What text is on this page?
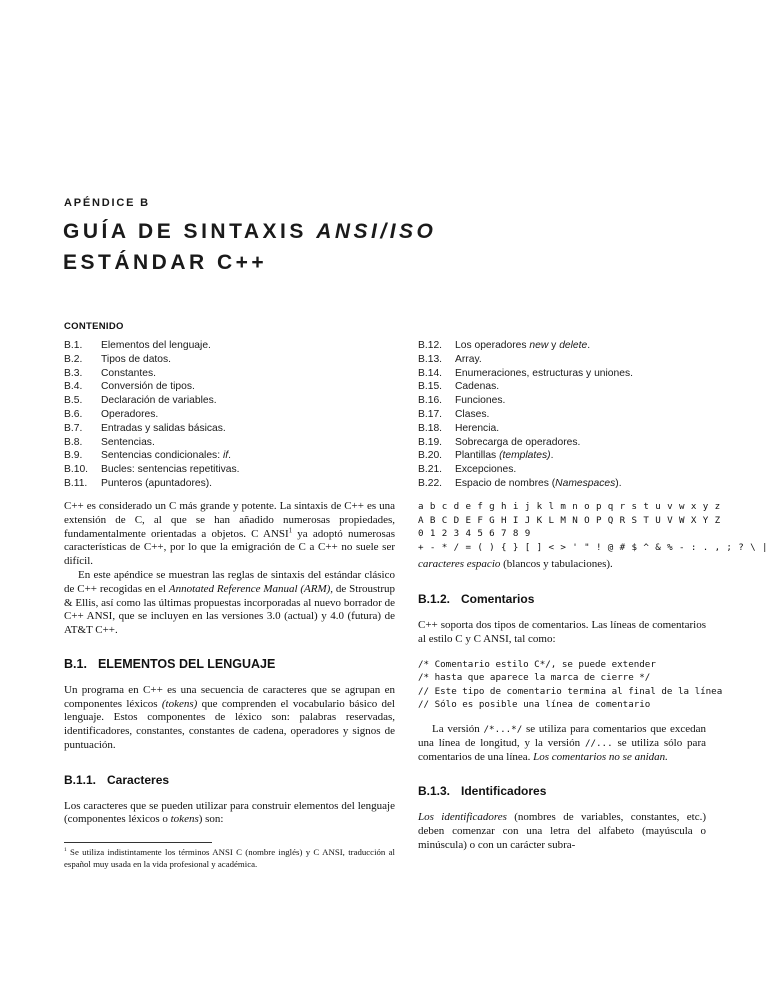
APÉNDICE B
GUÍA DE SINTAXIS ANSI/ISO
ESTÁNDAR C++
CONTENIDO
B.1.	Elementos del lenguaje.
B.2.	Tipos de datos.
B.3.	Constantes.
B.4.	Conversión de tipos.
B.5.	Declaración de variables.
B.6.	Operadores.
B.7.	Entradas y salidas básicas.
B.8.	Sentencias.
B.9.	Sentencias condicionales: if.
B.10.	Bucles: sentencias repetitivas.
B.11.	Punteros (apuntadores).
B.12.	Los operadores new y delete.
B.13.	Array.
B.14.	Enumeraciones, estructuras y uniones.
B.15.	Cadenas.
B.16.	Funciones.
B.17.	Clases.
B.18.	Herencia.
B.19.	Sobrecarga de operadores.
B.20.	Plantillas (templates).
B.21.	Excepciones.
B.22.	Espacio de nombres (Namespaces).

C++ es considerado un C más grande y potente. La sintaxis de C++ es una extensión de C, al que se han añadido numerosas propiedades, fundamentalmente orientadas a objetos. C ANSI$^1$ ya adoptó numerosas características de C++, por lo que la emigración de C a C++ no suele ser difícil.

En este apéndice se muestran las reglas de sintaxis del estándar clásico de C++ recogidas en el Annotated Reference Manual (ARM), de Stroustrup & Ellis, así como las últimas propuestas incorporadas al nuevo borrador de C++ ANSI, que se incluyen en las versiones 3.0 (actual) y 4.0 (futura) de AT&T C++.

B.1. ELEMENTOS DEL LENGUAJE

Un programa en C++ es una secuencia de caracteres que se agrupan en componentes léxicos (tokens) que comprenden el vocabulario básico del lenguaje. Estos componentes de léxico son: palabras reservadas, identificadores, constantes, constantes de cadena, operadores y signos de puntuación.

B.1.1. Caracteres

Los caracteres que se pueden utilizar para construir elementos del lenguaje (componentes léxicos o tokens) son:

$^1$ Se utiliza indistintamente los términos ANSI C (nombre inglés) y C ANSI, traducción al español muy usada en la vida profesional y académica.

a b c d e f g h i j k l m n o p q r s t u v w x y z
A B C D E F G H I J K L M N O P Q R S T U V W X Y Z
0 1 2 3 4 5 6 7 8 9
+ - * / = ( ) { } [ ] < > ' " ! @ # $ ^ & % - : . , ; ? \ |

caracteres espacio (blancos y tabulaciones).

B.1.2. Comentarios

C++ soporta dos tipos de comentarios. Las líneas de comentarios al estilo C y C ANSI, tal como:

/* Comentario estilo C*/, se puede extender
/* hasta que aparece la marca de cierre */
// Este tipo de comentario termina al final de la línea
// Sólo es posible una línea de comentario

La versión /*...*/ se utiliza para comentarios que excedan una línea de longitud, y la versión //... se utiliza sólo para comentarios de una línea. Los comentarios no se anidan.

B.1.3. Identificadores

Los identificadores (nombres de variables, constantes, etc.) deben comenzar con una letra del alfabeto (mayúscula o minúscula) o con un carácter subra-
